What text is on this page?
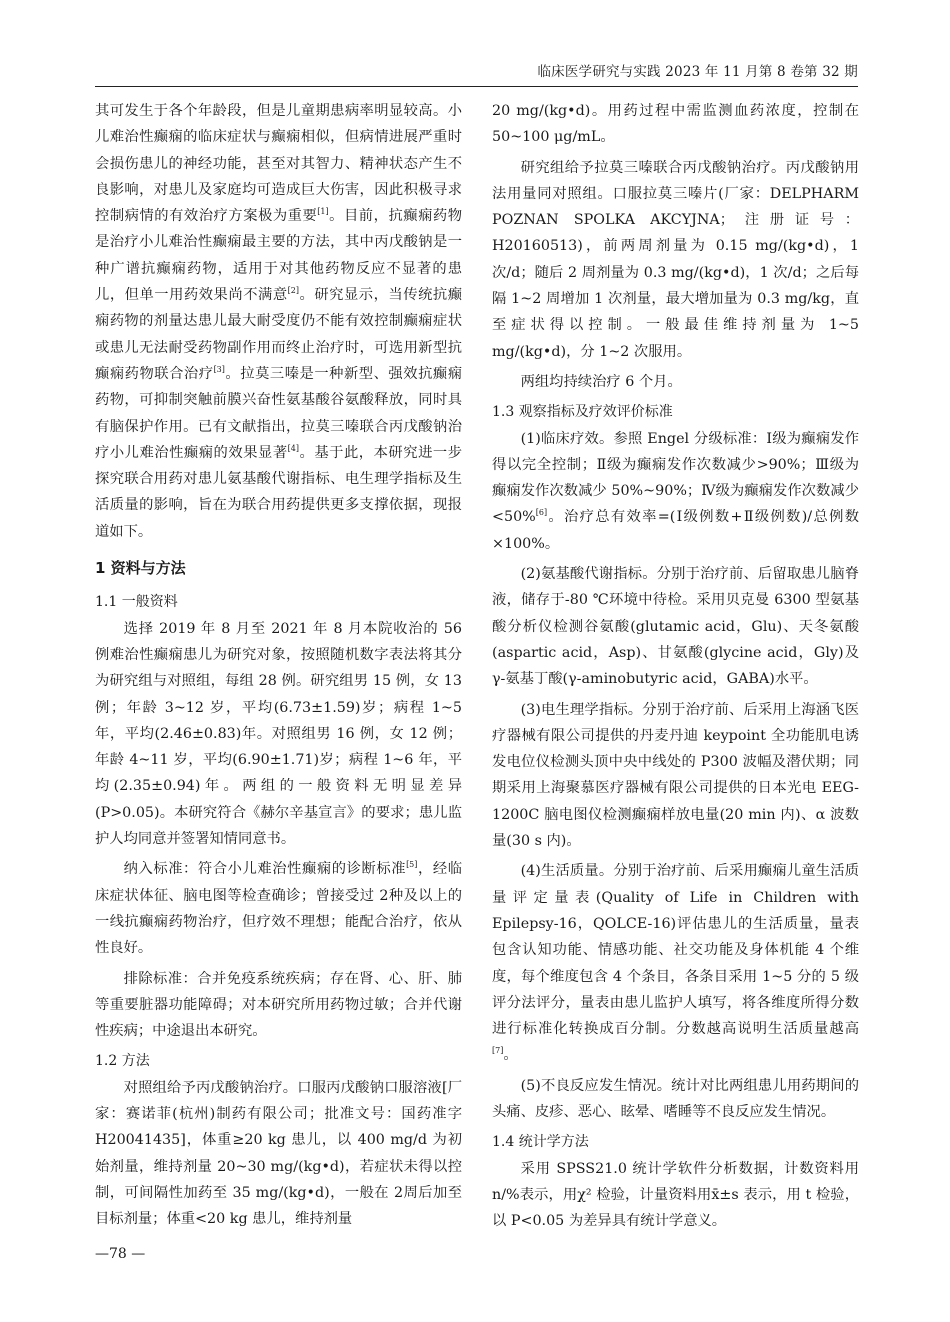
临床医学研究与实践 2023 年 11 月第 8 卷第 32 期

其可发生于各个年龄段，但是儿童期患病率明显较高。小儿难治性癫痫的临床症状与癫痫相似，但病情进展严重时会损伤患儿的神经功能，甚至对其智力、精神状态产生不良影响，对患儿及家庭均可造成巨大伤害，因此积极寻求控制病情的有效治疗方案极为重要[1]。目前，抗癫痫药物是治疗小儿难治性癫痫最主要的方法，其中丙戊酸钠是一种广谱抗癫痫药物，适用于对其他药物反应不显著的患儿，但单一用药效果尚不满意[2]。研究显示，当传统抗癫痫药物的剂量达患儿最大耐受度仍不能有效控制癫痫症状或患儿无法耐受药物副作用而终止治疗时，可选用新型抗癫痫药物联合治疗[3]。拉莫三嗪是一种新型、强效抗癫痫药物，可抑制突触前膜兴奋性氨基酸谷氨酸释放，同时具有脑保护作用。已有文献指出，拉莫三嗪联合丙戊酸钠治疗小儿难治性癫痫的效果显著[4]。基于此，本研究进一步探究联合用药对患儿氨基酸代谢指标、电生理学指标及生活质量的影响，旨在为联合用药提供更多支撑依据，现报道如下。

1 资料与方法
1.1 一般资料

选择 2019 年 8 月至 2021 年 8 月本院收治的 56 例难治性癫痫患儿为研究对象，按照随机数字表法将其分为研究组与对照组，每组 28 例。研究组男 15 例，女 13 例；年龄 3~12 岁，平均(6.73±1.59)岁；病程 1~5 年，平均(2.46±0.83)年。对照组男 16 例，女 12 例；年龄 4~11 岁，平均(6.90±1.71)岁；病程 1~6 年，平均(2.35±0.94)年。两组的一般资料无明显差异(P>0.05)。本研究符合《赫尔辛基宣言》的要求；患儿监护人均同意并签署知情同意书。

纳入标准：符合小儿难治性癫痫的诊断标准[5]，经临床症状体征、脑电图等检查确诊；曾接受过 2种及以上的一线抗癫痫药物治疗，但疗效不理想；能配合治疗，依从性良好。

排除标准：合并免疫系统疾病；存在肾、心、肝、肺等重要脏器功能障碍；对本研究所用药物过敏；合并代谢性疾病；中途退出本研究。

1.2 方法

对照组给予丙戊酸钠治疗。口服丙戊酸钠口服溶液[厂家：赛诺菲(杭州)制药有限公司；批准文号：国药准字 H20041435]，体重≥20 kg 患儿，以 400 mg/d 为初始剂量，维持剂量 20~30 mg/(kg•d)，若症状未得以控制，可间隔性加药至 35 mg/(kg•d)，一般在 2周后加至目标剂量；体重<20 kg 患儿，维持剂量

20 mg/(kg•d)。用药过程中需监测血药浓度，控制在 50~100 μg/mL。

研究组给予拉莫三嗪联合丙戊酸钠治疗。丙戊酸钠用法用量同对照组。口服拉莫三嗪片(厂家：DELPHARM POZNAN SPOLKA AKCYJNA；注册证号：H20160513)，前两周剂量为 0.15 mg/(kg•d)，1次/d；随后 2 周剂量为 0.3 mg/(kg•d)，1 次/d；之后每隔 1~2 周增加 1 次剂量，最大增加量为 0.3 mg/kg，直至症状得以控制。一般最佳维持剂量为 1~5 mg/(kg•d)，分 1~2 次服用。

两组均持续治疗 6 个月。

1.3 观察指标及疗效评价标准

(1)临床疗效。参照 Engel 分级标准：Ⅰ级为癫痫发作得以完全控制；Ⅱ级为癫痫发作次数减少>90%；Ⅲ级为癫痫发作次数减少 50%~90%；Ⅳ级为癫痫发作次数减少<50%[6]。治疗总有效率=(Ⅰ级例数+Ⅱ级例数)/总例数×100%。

(2)氨基酸代谢指标。分别于治疗前、后留取患儿脑脊液，储存于-80 ℃环境中待检。采用贝克曼 6300 型氨基酸分析仪检测谷氨酸(glutamic acid，Glu)、天冬氨酸(aspartic acid，Asp)、甘氨酸(glycine acid，Gly)及 γ-氨基丁酸(γ-aminobutyric acid，GABA)水平。

(3)电生理学指标。分别于治疗前、后采用上海涵飞医疗器械有限公司提供的丹麦丹迪 keypoint 全功能肌电诱发电位仪检测头顶中央中线处的 P300 波幅及潜伏期；同期采用上海聚慕医疗器械有限公司提供的日本光电 EEG-1200C 脑电图仪检测癫痫样放电量(20 min 内)、α 波数量(30 s 内)。

(4)生活质量。分别于治疗前、后采用癫痫儿童生活质量评定量表(Quality of Life in Children with Epilepsy-16，QOLCE-16)评估患儿的生活质量，量表包含认知功能、情感功能、社交功能及身体机能 4 个维度，每个维度包含 4 个条目，各条目采用 1~5 分的 5 级评分法评分，量表由患儿监护人填写，将各维度所得分数进行标准化转换成百分制。分数越高说明生活质量越高[7]。

(5)不良反应发生情况。统计对比两组患儿用药期间的头痛、皮疹、恶心、眩晕、嗜睡等不良反应发生情况。

1.4 统计学方法

采用 SPSS21.0 统计学软件分析数据，计数资料用 n/%表示，用χ² 检验，计量资料用x̄±s 表示，用 t 检验，以 P<0.05 为差异具有统计学意义。

—78 —
